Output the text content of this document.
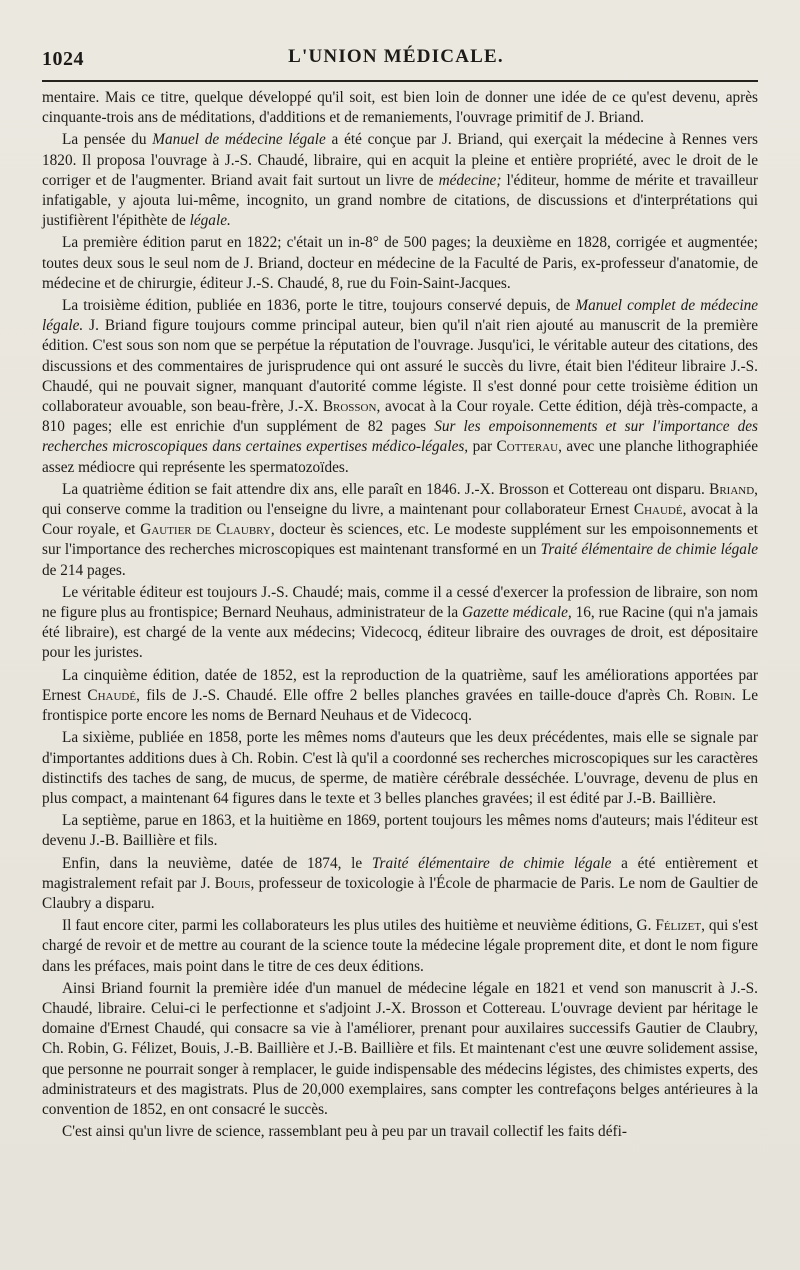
1024	L'UNION MÉDICALE.

mentaire. Mais ce titre, quelque développé qu'il soit, est bien loin de donner une idée de ce qu'est devenu, après cinquante-trois ans de méditations, d'additions et de remaniements, l'ouvrage primitif de J. Briand.

La pensée du Manuel de médecine légale a été conçue par J. Briand, qui exerçait la médecine à Rennes vers 1820. Il proposa l'ouvrage à J.-S. Chaudé, libraire, qui en acquit la pleine et entière propriété, avec le droit de le corriger et de l'augmenter. Briand avait fait surtout un livre de médecine; l'éditeur, homme de mérite et travailleur infatigable, y ajouta lui-même, incognito, un grand nombre de citations, de discussions et d'interprétations qui justifièrent l'épithète de légale.

La première édition parut en 1822; c'était un in-8° de 500 pages; la deuxième en 1828, corrigée et augmentée; toutes deux sous le seul nom de J. Briand, docteur en médecine de la Faculté de Paris, ex-professeur d'anatomie, de médecine et de chirurgie, éditeur J.-S. Chaudé, 8, rue du Foin-Saint-Jacques.

La troisième édition, publiée en 1836, porte le titre, toujours conservé depuis, de Manuel complet de médecine légale. J. Briand figure toujours comme principal auteur, bien qu'il n'ait rien ajouté au manuscrit de la première édition. C'est sous son nom que se perpétue la réputation de l'ouvrage. Jusqu'ici, le véritable auteur des citations, des discussions et des commentaires de jurisprudence qui ont assuré le succès du livre, était bien l'éditeur libraire J.-S. Chaudé, qui ne pouvait signer, manquant d'autorité comme légiste. Il s'est donné pour cette troisième édition un collaborateur avouable, son beau-frère, J.-X. Brosson, avocat à la Cour royale. Cette édition, déjà très-compacte, a 810 pages; elle est enrichie d'un supplément de 82 pages Sur les empoisonnements et sur l'importance des recherches microscopiques dans certaines expertises médico-légales, par Cotterau, avec une planche lithographiée assez médiocre qui représente les spermatozoïdes.

La quatrième édition se fait attendre dix ans, elle paraît en 1846. J.-X. Brosson et Cottereau ont disparu. Briand, qui conserve comme la tradition ou l'enseigne du livre, a maintenant pour collaborateur Ernest Chaudé, avocat à la Cour royale, et Gautier de Claubry, docteur ès sciences, etc. Le modeste supplément sur les empoisonnements et sur l'importance des recherches microscopiques est maintenant transformé en un Traité élémentaire de chimie légale de 214 pages.

Le véritable éditeur est toujours J.-S. Chaudé; mais, comme il a cessé d'exercer la profession de libraire, son nom ne figure plus au frontispice; Bernard Neuhaus, administrateur de la Gazette médicale, 16, rue Racine (qui n'a jamais été libraire), est chargé de la vente aux médecins; Videcocq, éditeur libraire des ouvrages de droit, est dépositaire pour les juristes.

La cinquième édition, datée de 1852, est la reproduction de la quatrième, sauf les améliorations apportées par Ernest Chaudé, fils de J.-S. Chaudé. Elle offre 2 belles planches gravées en taille-douce d'après Ch. Robin. Le frontispice porte encore les noms de Bernard Neuhaus et de Videcocq.

La sixième, publiée en 1858, porte les mêmes noms d'auteurs que les deux précédentes, mais elle se signale par d'importantes additions dues à Ch. Robin. C'est là qu'il a coordonné ses recherches microscopiques sur les caractères distinctifs des taches de sang, de mucus, de sperme, de matière cérébrale desséchée. L'ouvrage, devenu de plus en plus compact, a maintenant 64 figures dans le texte et 3 belles planches gravées; il est édité par J.-B. Baillière.

La septième, parue en 1863, et la huitième en 1869, portent toujours les mêmes noms d'auteurs; mais l'éditeur est devenu J.-B. Baillière et fils.

Enfin, dans la neuvième, datée de 1874, le Traité élémentaire de chimie légale a été entièrement et magistralement refait par J. Bouis, professeur de toxicologie à l'École de pharmacie de Paris. Le nom de Gaultier de Claubry a disparu.

Il faut encore citer, parmi les collaborateurs les plus utiles des huitième et neuvième éditions, G. Félizet, qui s'est chargé de revoir et de mettre au courant de la science toute la médecine légale proprement dite, et dont le nom figure dans les préfaces, mais point dans le titre de ces deux éditions.

Ainsi Briand fournit la première idée d'un manuel de médecine légale en 1821 et vend son manuscrit à J.-S. Chaudé, libraire. Celui-ci le perfectionne et s'adjoint J.-X. Brosson et Cottereau. L'ouvrage devient par héritage le domaine d'Ernest Chaudé, qui consacre sa vie à l'améliorer, prenant pour auxilaires successifs Gautier de Claubry, Ch. Robin, G. Félizet, Bouis, J.-B. Baillière et J.-B. Baillière et fils. Et maintenant c'est une œuvre solidement assise, que personne ne pourrait songer à remplacer, le guide indispensable des médecins légistes, des chimistes experts, des administrateurs et des magistrats. Plus de 20,000 exemplaires, sans compter les contrefaçons belges antérieures à la convention de 1852, en ont consacré le succès.

C'est ainsi qu'un livre de science, rassemblant peu à peu par un travail collectif les faits défi-
